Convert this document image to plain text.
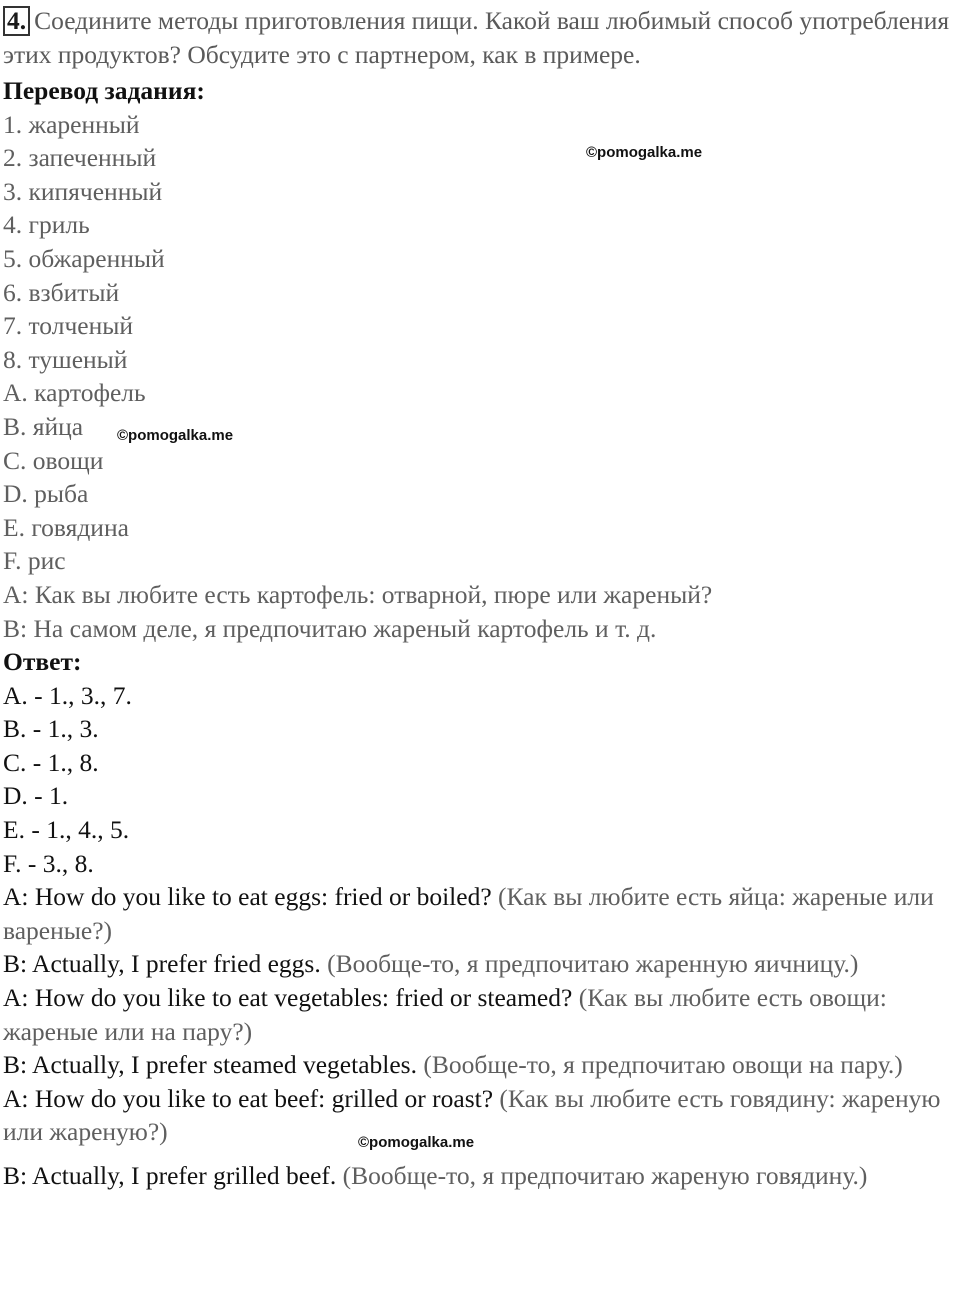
4. Соедините методы приготовления пищи. Какой ваш любимый способ употребления этих продуктов? Обсудите это с партнером, как в примере.
Перевод задания:
1. жаренный
2. запеченный
3. кипяченный
4. гриль
5. обжаренный
6. взбитый
7. толченый
8. тушеный
A. картофель
B. яйца
C. овощи
D. рыба
E. говядина
F. рис
A: Как вы любите есть картофель: отварной, пюре или жареный?
B: На самом деле, я предпочитаю жареный картофель и т. д.
Ответ:
A. - 1., 3., 7.
B. - 1., 3.
C. - 1., 8.
D. - 1.
E. - 1., 4., 5.
F. - 3., 8.
A: How do you like to eat eggs: fried or boiled? (Как вы любите есть яйца: жареные или вареные?)
B: Actually, I prefer fried eggs. (Вообще-то, я предпочитаю жаренную яичницу.)
A: How do you like to eat vegetables: fried or steamed? (Как вы любите есть овощи: жареные или на пару?)
B: Actually, I prefer steamed vegetables. (Вообще-то, я предпочитаю овощи на пару.)
A: How do you like to eat beef: grilled or roast? (Как вы любите есть говядину: жареную или жареную?)
B: Actually, I prefer grilled beef. (Вообще-то, я предпочитаю жареную говядину.)
©pomogalka.me
©pomogalka.me
©pomogalka.me
